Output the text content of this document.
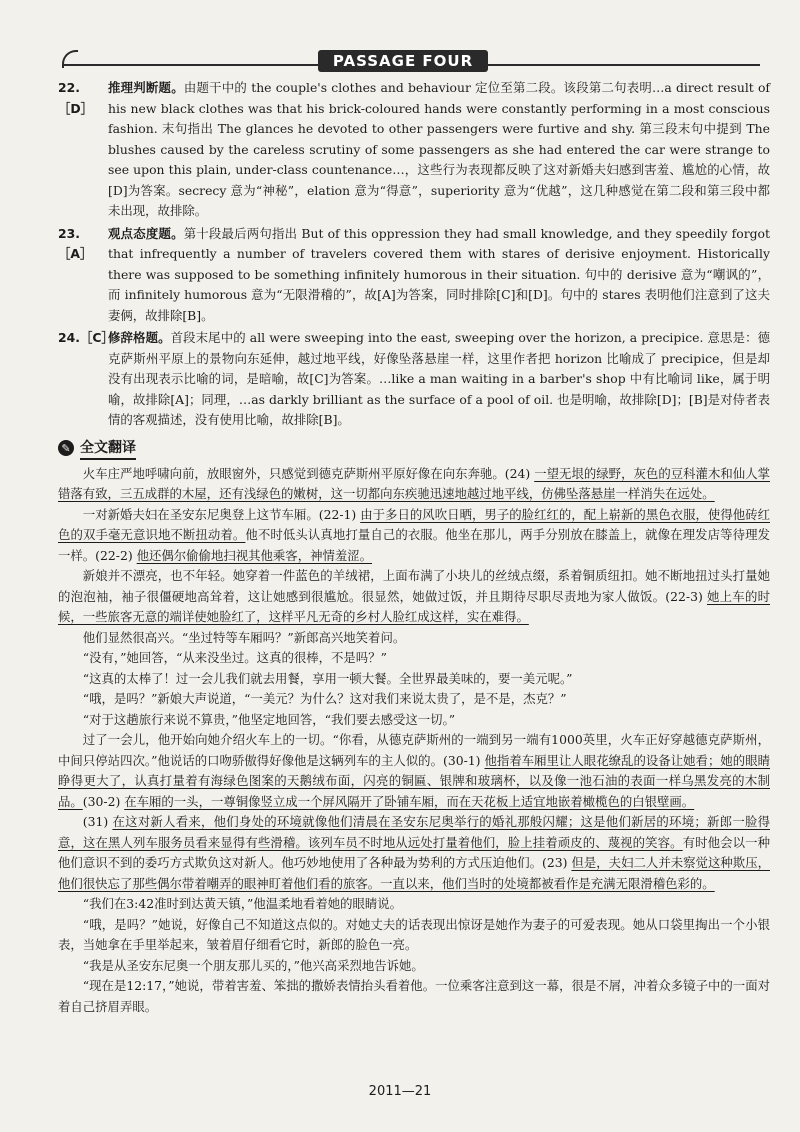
PASSAGE FOUR
22.［D］
推理判断题。由题干中的 the couple's clothes and behaviour 定位至第二段。该段第二句表明…a direct result of his new black clothes was that his brick-coloured hands were constantly performing in a most conscious fashion. 末句指出 The glances he devoted to other passengers were furtive and shy. 第三段末句中提到 The blushes caused by the careless scrutiny of some passengers as she had entered the car were strange to see upon this plain, under-class countenance…，这些行为表现都反映了这对新婚夫妇感到害羞、尴尬的心情，故[D]为答案。secrecy 意为“神秘”，elation 意为“得意”，superiority 意为“优越”，这几种感觉在第二段和第三段中都未出现，故排除。
23.［A］
观点态度题。第十段最后两句指出 But of this oppression they had small knowledge, and they speedily forgot that infrequently a number of travelers covered them with stares of derisive enjoyment. Historically there was supposed to be something infinitely humorous in their situation. 句中的 derisive 意为“嘲讽的”，而 infinitely humorous 意为“无限滑稽的”，故[A]为答案，同时排除[C]和[D]。句中的 stares 表明他们注意到了这夫妻俩，故排除[B]。
24.［C］
修辞格题。首段末尾中的 all were sweeping into the east, sweeping over the horizon, a precipice. 意思是：德克萨斯州平原上的景物向东延伸，越过地平线，好像坠落悬崖一样，这里作者把 horizon 比喻成了 precipice，但是却没有出现表示比喻的词，是暗喻，故[C]为答案。…like a man waiting in a barber's shop 中有比喻词 like，属于明喻，故排除[A]；同理，…as darkly brilliant as the surface of a pool of oil. 也是明喻，故排除[D]；[B]是对侍者表情的客观描述，没有使用比喻，故排除[B]。
✎ 全文翻译

火车庄严地呼啸向前，放眼窗外，只感觉到德克萨斯州平原好像在向东奔驰。(24) 一望无垠的绿野，灰色的豆科灌木和仙人掌错落有致，三五成群的木屋，还有浅绿色的嫩树，这一切都向东疾驰迅速地越过地平线，仿佛坠落悬崖一样消失在远处。

一对新婚夫妇在圣安东尼奥登上这节车厢。(22-1) 由于多日的风吹日晒，男子的脸红红的，配上崭新的黑色衣服，使得他砖红色的双手毫无意识地不断扭动着。他不时低头认真地打量自己的衣服。他坐在那儿，两手分别放在膝盖上，就像在理发店等待理发一样。(22-2) 他还偶尔偷偷地扫视其他乘客，神情羞涩。

新娘并不漂亮，也不年轻。她穿着一件蓝色的羊绒裙，上面布满了小块儿的丝绒点缀，系着铜质纽扣。她不断地扭过头打量她的泡泡袖，袖子很僵硬地高耸着，这让她感到很尴尬。很显然，她做过饭，并且期待尽职尽责地为家人做饭。(22-3) 她上车的时候，一些旅客无意的端详使她脸红了，这样平凡无奇的乡村人脸红成这样，实在难得。

他们显然很高兴。“坐过特等车厢吗？”新郎高兴地笑着问。

“没有，”她回答，“从来没坐过。这真的很棒，不是吗？”

“这真的太棒了！过一会儿我们就去用餐，享用一顿大餐。全世界最美味的，要一美元呢。”

“哦，是吗？”新娘大声说道，“一美元？为什么？这对我们来说太贵了，是不是，杰克？”

“对于这趟旅行来说不算贵，”他坚定地回答，“我们要去感受这一切。”

过了一会儿，他开始向她介绍火车上的一切。“你看，从德克萨斯州的一端到另一端有1000英里，火车正好穿越德克萨斯州，中间只停站四次。”他说话的口吻骄傲得好像他是这辆列车的主人似的。(30-1) 他指着车厢里让人眼花缭乱的设备让她看；她的眼睛睁得更大了，认真打量着有海绿色图案的天鹅绒布面，闪亮的铜匾、银牌和玻璃杯，以及像一池石油的表面一样乌黑发亮的木制品。(30-2) 在车厢的一头，一尊铜像竖立成一个屏风隔开了卧铺车厢，而在天花板上适宜地嵌着橄榄色的白银壁画。

(31) 在这对新人看来，他们身处的环境就像他们清晨在圣安东尼奥举行的婚礼那般闪耀；这是他们新居的环境；新郎一脸得意，这在黑人列车服务员看来显得有些滑稽。该列车员不时地从远处打量着他们，脸上挂着顽皮的、蔑视的笑容。有时他会以一种他们意识不到的委巧方式欺负这对新人。他巧妙地使用了各种最为势利的方式压迫他们。(23) 但是，夫妇二人并未察觉这种欺压，他们很快忘了那些偶尔带着嘲弄的眼神盯着他们看的旅客。一直以来，他们当时的处境都被看作是充满无限滑稽色彩的。

“我们在3:42准时到达黄天镇，”他温柔地看着她的眼睛说。

“哦，是吗？”她说，好像自己不知道这点似的。对她丈夫的话表现出惊讶是她作为妻子的可爱表现。她从口袋里掏出一个小银表，当她拿在手里举起来，皱着眉仔细看它时，新郎的脸色一亮。

“我是从圣安东尼奥一个朋友那儿买的，”他兴高采烈地告诉她。

“现在是12:17，”她说，带着害羞、笨拙的撒娇表情抬头看着他。一位乘客注意到这一幕，很是不屑，冲着众多镜子中的一面对着自己挤眉弄眼。

2011—21
